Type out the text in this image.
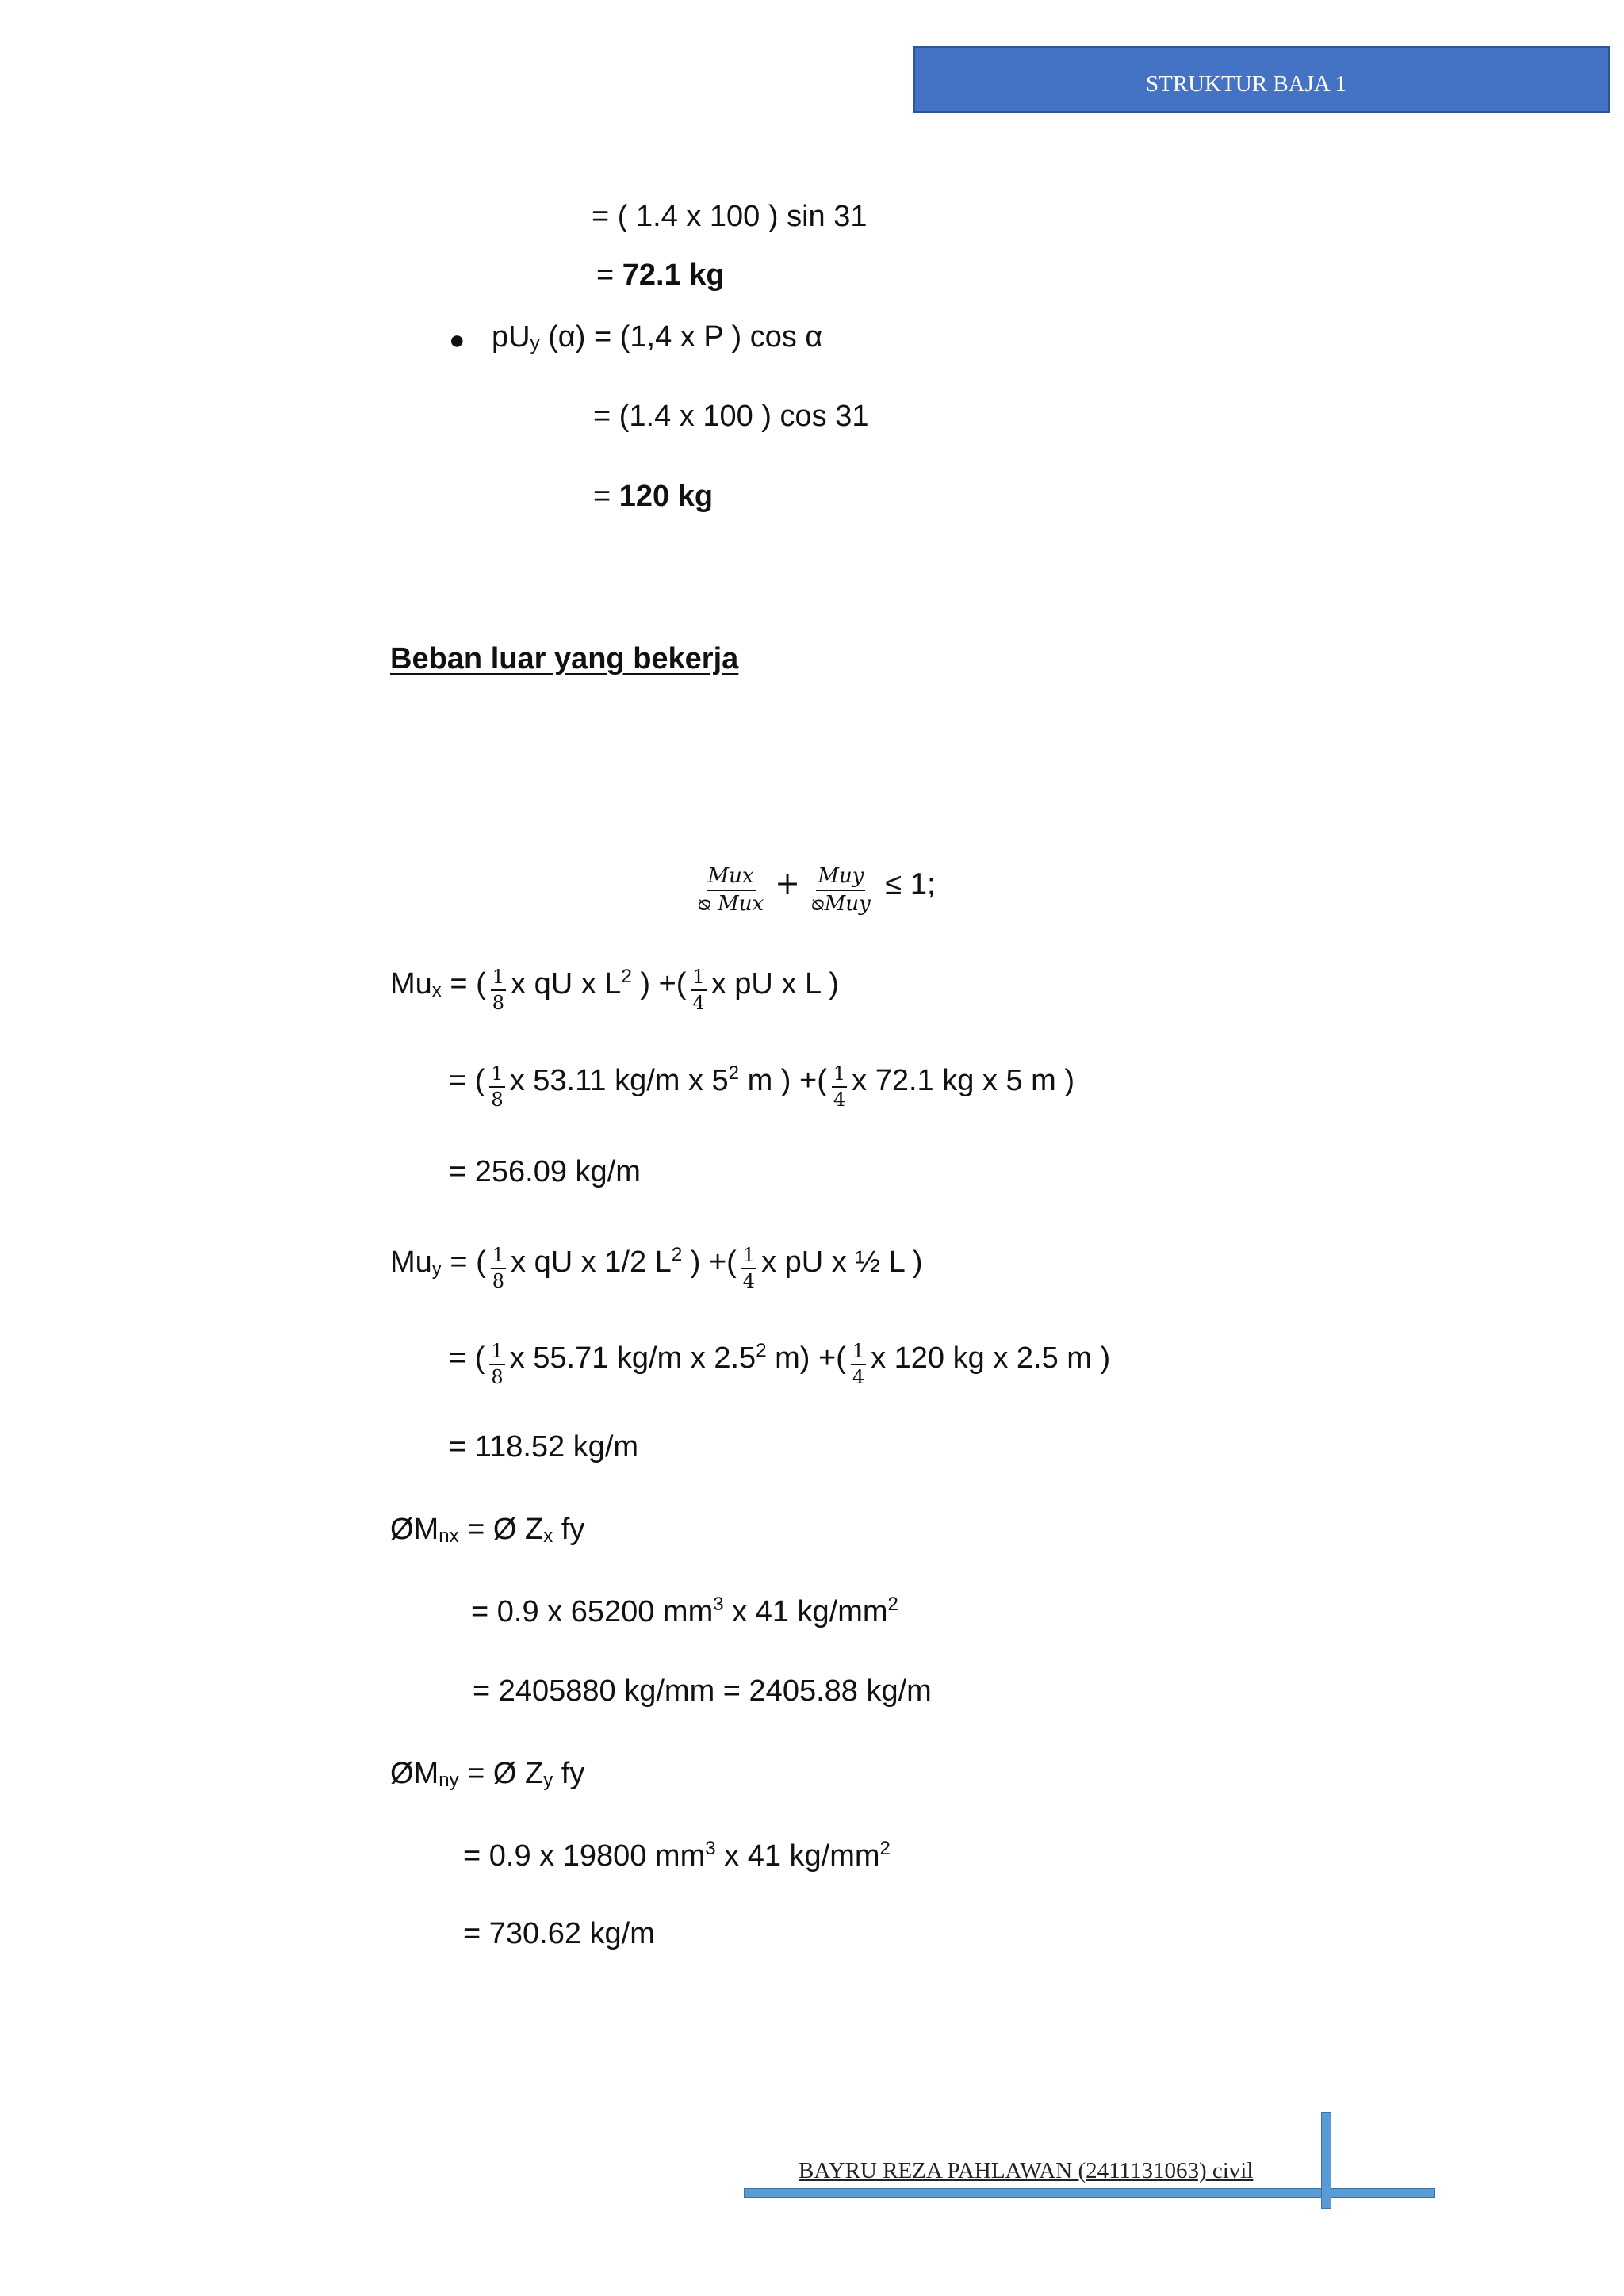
STRUKTUR BAJA 1
= ( 1.4 x 100 ) sin 31
= 72.1 kg
● pUy (α) = (1,4 x P ) cos α
= (1.4 x 100 ) cos 31
= 120 kg
Beban luar yang bekerja
$\frac{\text{Mux}}{\text{ᴓ Mux}} + \frac{\text{Muy}}{\text{ᴓMuy}} \le 1$;
Mux = ( $\frac{1}{8}$ x qU x $L^2$ ) +( $\frac{1}{4}$ x pU x L )
= ( $\frac{1}{8}$ x 53.11 kg/m x $5^2$ m ) +( $\frac{1}{4}$ x 72.1 kg x 5 m )
= 256.09 kg/m
Muy = ( $\frac{1}{8}$ x qU x 1/2 $L^2$ ) +( $\frac{1}{4}$ x pU x ½ L )
= ( $\frac{1}{8}$ x 55.71 kg/m x $2.5^2$ m) +( $\frac{1}{4}$ x 120 kg x 2.5 m )
= 118.52 kg/m
ØMnx = Ø Zx fy
= 0.9 x 65200 $mm^3$ x 41 $kg/mm^2$
= 2405880 kg/mm = 2405.88 kg/m
ØMny = Ø Zy fy
= 0.9 x 19800 $mm^3$ x 41 $kg/mm^2$
= 730.62 kg/m
BAYRU REZA PAHLAWAN (2411131063) civil
